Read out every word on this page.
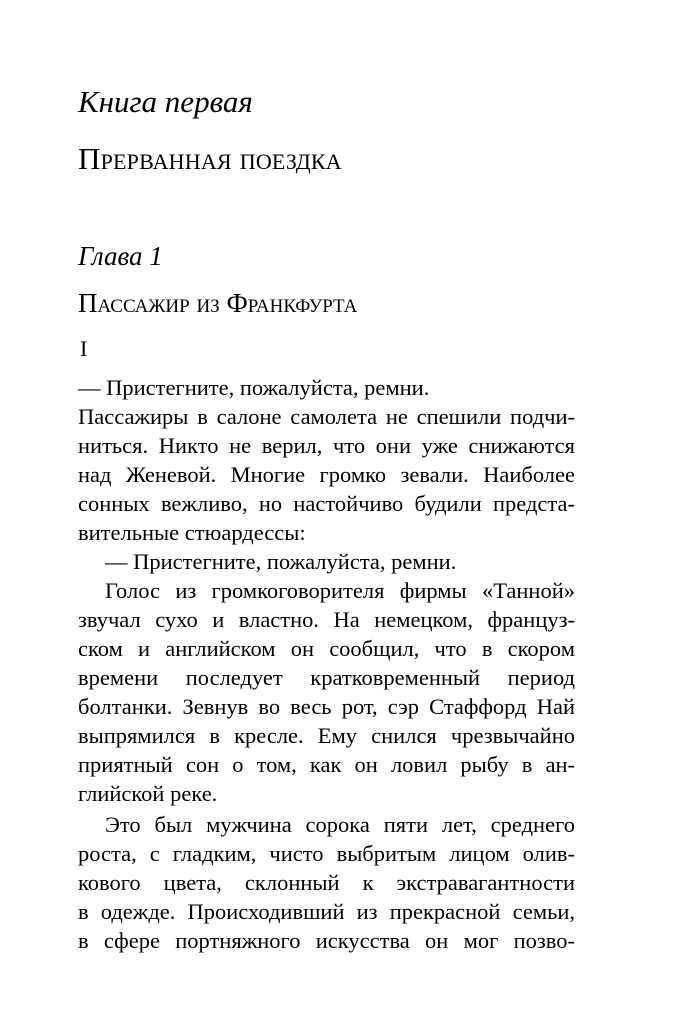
Книга первая
Прерванная поездка
Глава 1
Пассажир из Франкфурта
I
— Пристегните, пожалуйста, ремни.
Пассажиры в салоне самолета не спешили подчи-
ниться. Никто не верил, что они уже снижаются
над Женевой. Многие громко зевали. Наиболее
сонных вежливо, но настойчиво будили предста-
вительные стюардессы:
— Пристегните, пожалуйста, ремни.
Голос из громкоговорителя фирмы «Танной»
звучал сухо и властно. На немецком, француз-
ском и английском он сообщил, что в скором
времени последует кратковременный период
болтанки. Зевнув во весь рот, сэр Стаффорд Най
выпрямился в кресле. Ему снился чрезвычайно
приятный сон о том, как он ловил рыбу в ан-
глийской реке.
Это был мужчина сорока пяти лет, среднего
роста, с гладким, чисто выбритым лицом олив-
кового цвета, склонный к экстравагантности
в одежде. Происходивший из прекрасной семьи,
в сфере портняжного искусства он мог позво-
